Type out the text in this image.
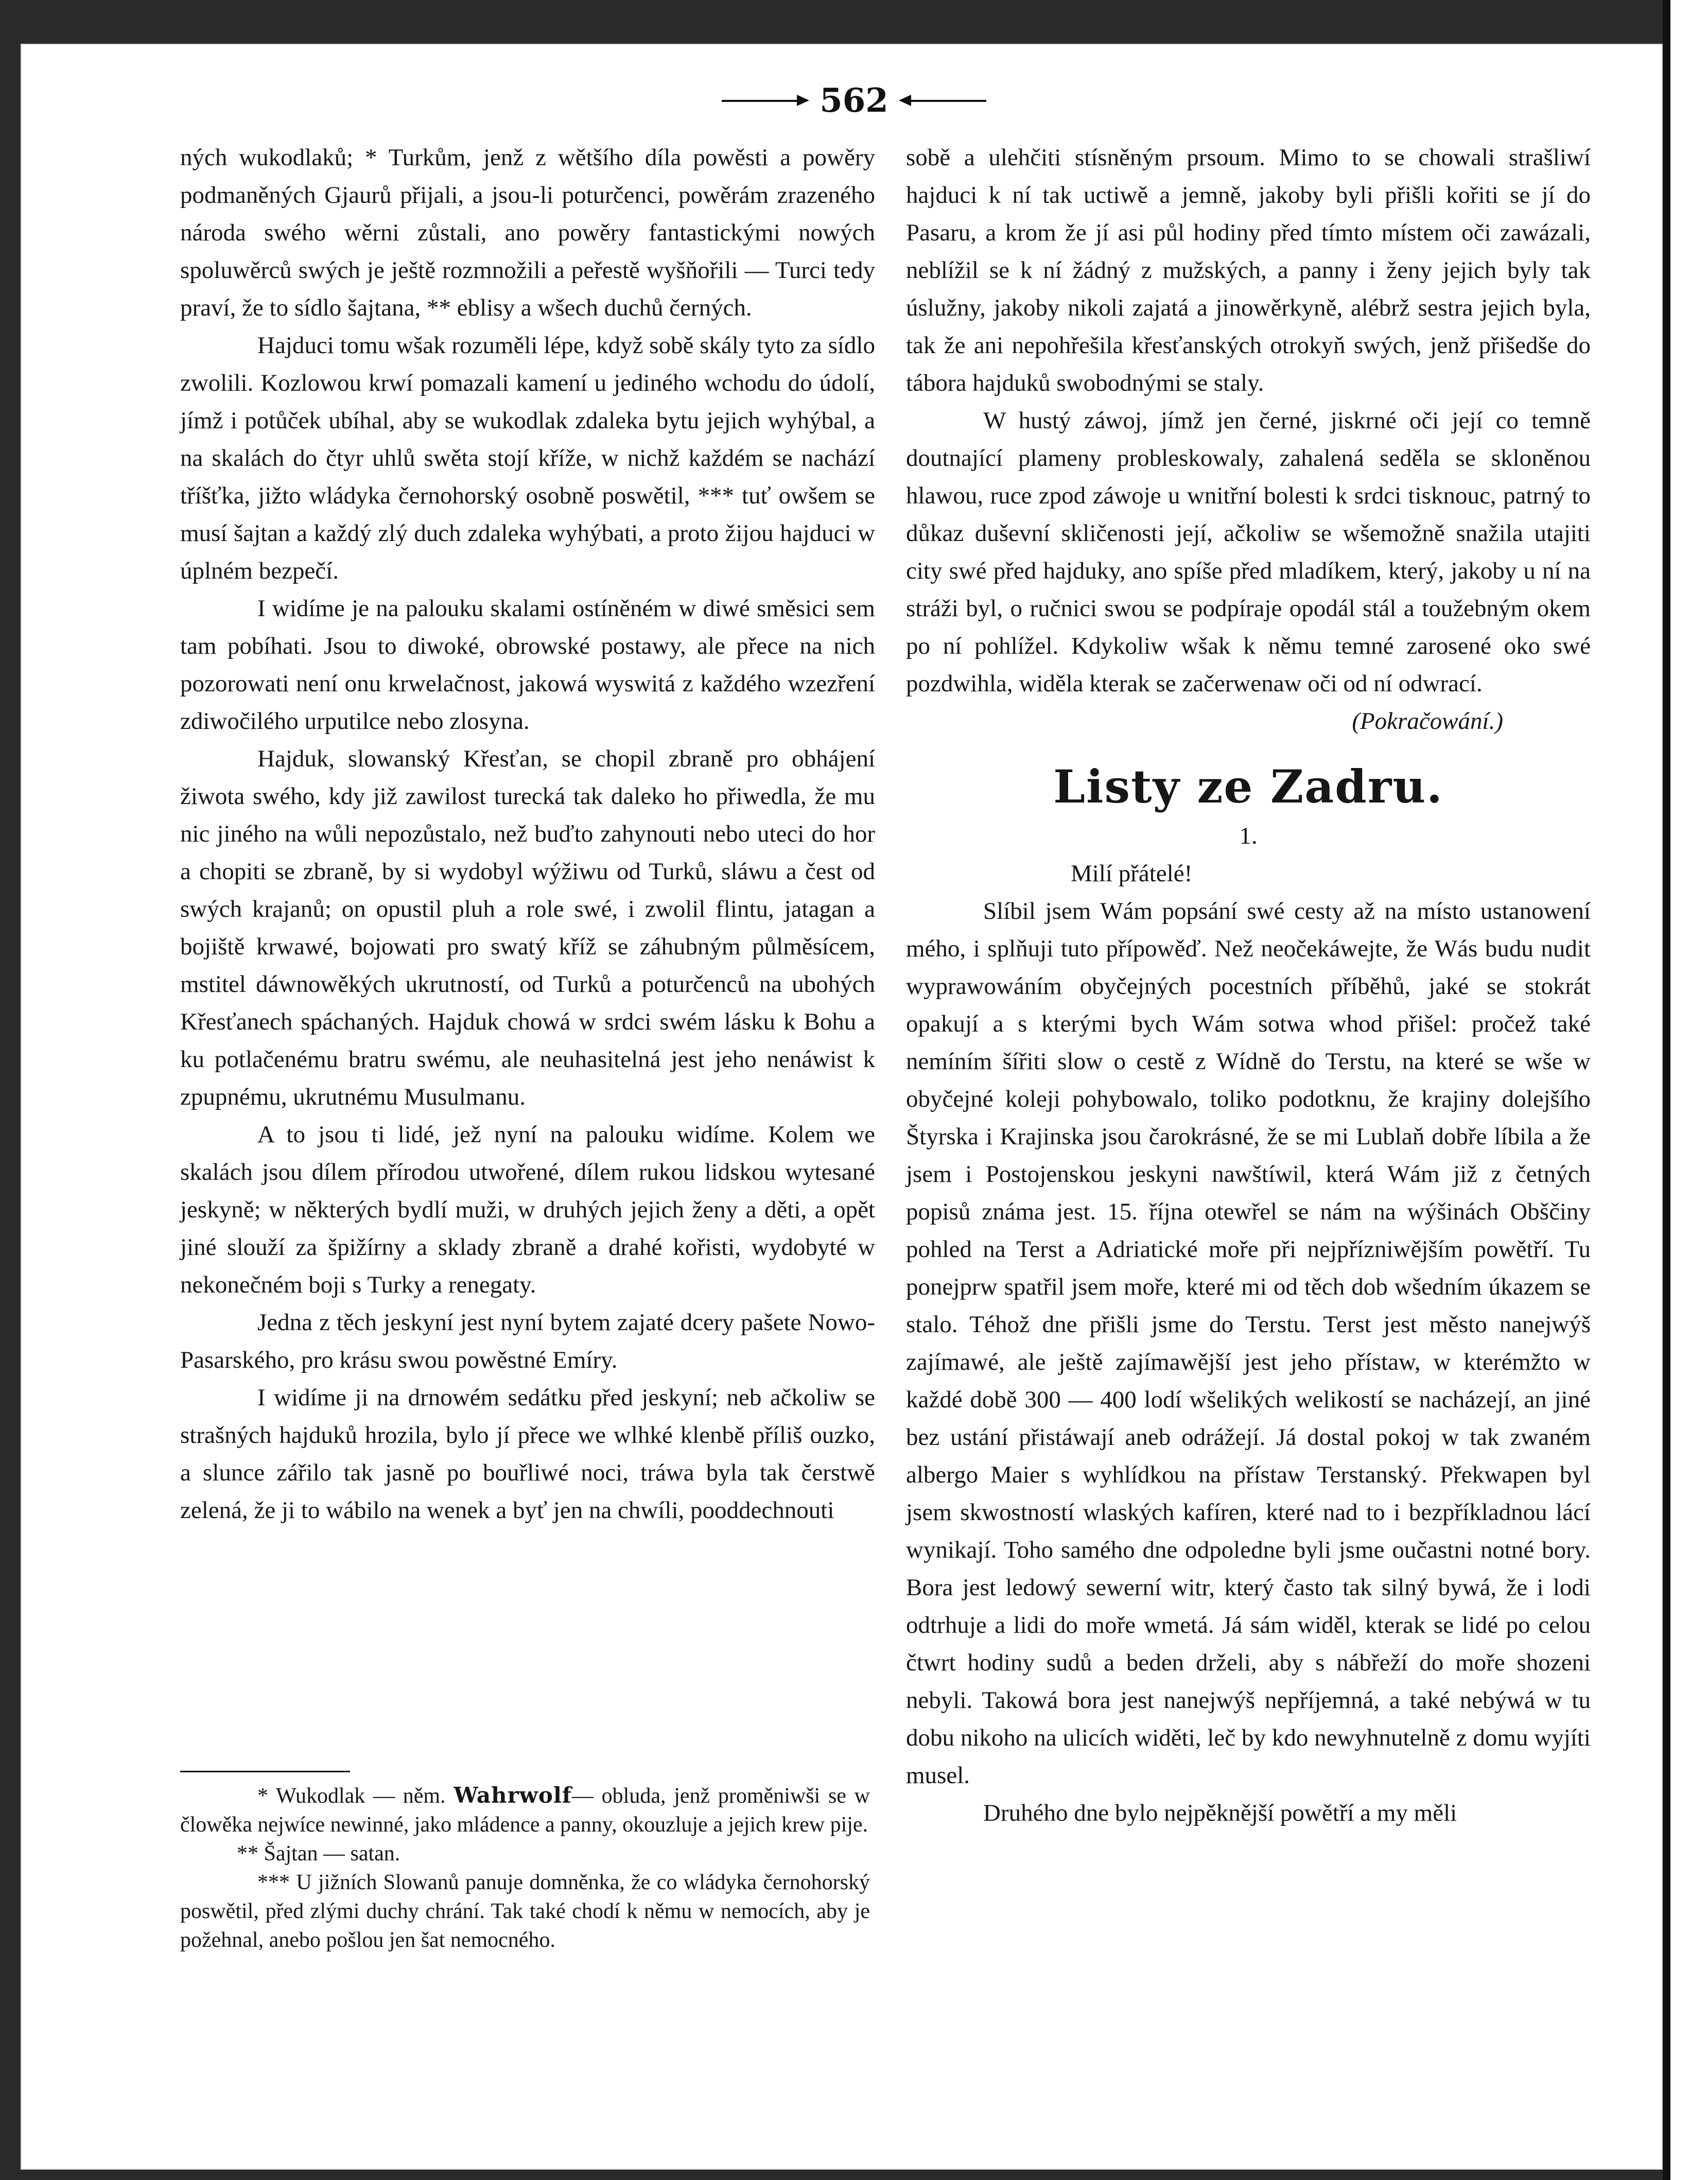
562

ných wukodlaků; * Turkům, jenž z wětšího díla powěsti a powěry podmaněných Gjaurů přijali, a jsou-li poturčenci, powěrám zrazeného národa swého wěrni zůstali, ano powěry fantastickými nowých spoluwěrců swých je ještě rozmnožili a peřestě wyšňořili — Turci tedy praví, že to sídlo šajtana, ** eblisy a wšech duchů černých.

Hajduci tomu wšak rozuměli lépe, když sobě skály tyto za sídlo zwolili. Kozlowou krwí pomazali kamení u jediného wchodu do údolí, jímž i potůček ubíhal, aby se wukodlak zdaleka bytu jejich wyhýbal, a na skalách do čtyr uhlů swěta stojí kříže, w nichž každém se nachází tříšťka, jižto wládyka černohorský osobně poswětil, *** tuť owšem se musí šajtan a každý zlý duch zdaleka wyhýbati, a proto žijou hajduci w úplném bezpečí.

I widíme je na palouku skalami ostíněném w diwé směsici sem tam pobíhati. Jsou to diwoké, obrowské postawy, ale přece na nich pozorowati není onu krwelačnost, jakowá wyswitá z každého wzezření zdiwočilého urputilce nebo zlosyna.

Hajduk, slowanský Křesťan, se chopil zbraně pro obhájení žiwota swého, kdy již zawilost turecká tak daleko ho přiwedla, že mu nic jiného na wůli nepozůstalo, než buďto zahynouti nebo uteci do hor a chopiti se zbraně, by si wydobyl wýžiwu od Turků, sláwu a čest od swých krajanů; on opustil pluh a role swé, i zwolil flintu, jatagan a bojiště krwawé, bojowati pro swatý kříž se záhubným půlměsícem, mstitel dáwnowěkých ukrutností, od Turků a poturčenců na ubohých Křesťanech spáchaných. Hajduk chowá w srdci swém lásku k Bohu a ku potlačenému bratru swému, ale neuhasitelná jest jeho nenáwist k zpupnému, ukrutnému Musulmanu.

A to jsou ti lidé, jež nyní na palouku widíme. Kolem we skalách jsou dílem přírodou utwořené, dílem rukou lidskou wytesané jeskyně; w některých bydlí muži, w druhých jejich ženy a děti, a opět jiné slouží za špižírny a sklady zbraně a drahé kořisti, wydobyté w nekonečném boji s Turky a renegaty.

Jedna z těch jeskyní jest nyní bytem zajaté dcery pašete Nowo-Pasarského, pro krásu swou powěstné Emíry.

I widíme ji na drnowém sedátku před jeskyní; neb ačkoliw se strašných hajduků hrozila, bylo jí přece we wlhké klenbě příliš ouzko, a slunce zářilo tak jasně po bouřliwé noci, tráwa byla tak čerstwě zelená, že ji to wábilo na wenek a byť jen na chwíli, pooddechnouti

* Wukodlak — něm. Wahrwolf— obluda, jenž proměniwši se w člowěka nejwíce newinné, jako mládence a panny, okouzluje a jejich krew pije.

** Šajtan — satan.

*** U jižních Slowanů panuje domněnka, že co wládyka černohorský poswětil, před zlými duchy chrání. Tak také chodí k němu w nemocích, aby je požehnal, anebo pošlou jen šat nemocného.

sobě a ulehčiti stísněným prsoum. Mimo to se chowali strašliwí hajduci k ní tak uctiwě a jemně, jakoby byli přišli kořiti se jí do Pasaru, a krom že jí asi půl hodiny před tímto místem oči zawázali, neblížil se k ní žádný z mužských, a panny i ženy jejich byly tak úslužny, jakoby nikoli zajatá a jinowěrkyně, alébrž sestra jejich byla, tak že ani nepohřešila křesťanských otrokyň swých, jenž přišedše do tábora hajduků swobodnými se staly.

W hustý záwoj, jímž jen černé, jiskrné oči její co temně doutnající plameny probleskowaly, zahalená seděla se skloněnou hlawou, ruce zpod záwoje u wnitřní bolesti k srdci tisknouc, patrný to důkaz duševní skličenosti její, ačkoliw se wšemožně snažila utajiti city swé před hajduky, ano spíše před mladíkem, který, jakoby u ní na stráži byl, o ručnici swou se podpíraje opodál stál a toužebným okem po ní pohlížel. Kdykoliw wšak k němu temné zarosené oko swé pozdwihla, widěla kterak se začerwenaw oči od ní odwrací.

(Pokračowání.)

Listy ze Zadru.

1.

Milí přátelé!

Slíbil jsem Wám popsání swé cesty až na místo ustanowení mého, i splňuji tuto přípowěď. Než neočekáwejte, že Wás budu nudit wyprawowáním obyčejných pocestních příběhů, jaké se stokrát opakují a s kterými bych Wám sotwa whod přišel: pročež také nemíním šířiti slow o cestě z Wídně do Terstu, na které se wše w obyčejné koleji pohybowalo, toliko podotknu, že krajiny dolejšího Štyrska i Krajinska jsou čarokrásné, že se mi Lublaň dobře líbila a že jsem i Postojenskou jeskyni nawštíwil, která Wám již z četných popisů známa jest. 15. října otewřel se nám na wýšinách Obščiny pohled na Terst a Adriatické moře při nejpřízniwějším powětří. Tu ponejprw spatřil jsem moře, které mi od těch dob wšedním úkazem se stalo. Téhož dne přišli jsme do Terstu. Terst jest město nanejwýš zajímawé, ale ještě zajímawější jest jeho přístaw, w kterémžto w každé době 300 — 400 lodí wšelikých welikostí se nacházejí, an jiné bez ustání přistáwají aneb odrážejí. Já dostal pokoj w tak zwaném albergo Maier s wyhlídkou na přístaw Terstanský. Překwapen byl jsem skwostností wlaských kafíren, které nad to i bezpříkladnou lácí wynikají. Toho samého dne odpoledne byli jsme oučastni notné bory. Bora jest ledowý sewerní witr, který často tak silný bywá, že i lodi odtrhuje a lidi do moře wmetá. Já sám widěl, kterak se lidé po celou čtwrt hodiny sudů a beden drželi, aby s nábřeží do moře shozeni nebyli. Takowá bora jest nanejwýš nepříjemná, a také nebýwá w tu dobu nikoho na ulicích widěti, leč by kdo newyhnutelně z domu wyjíti musel.

Druhého dne bylo nejpěknější powětří a my měli
